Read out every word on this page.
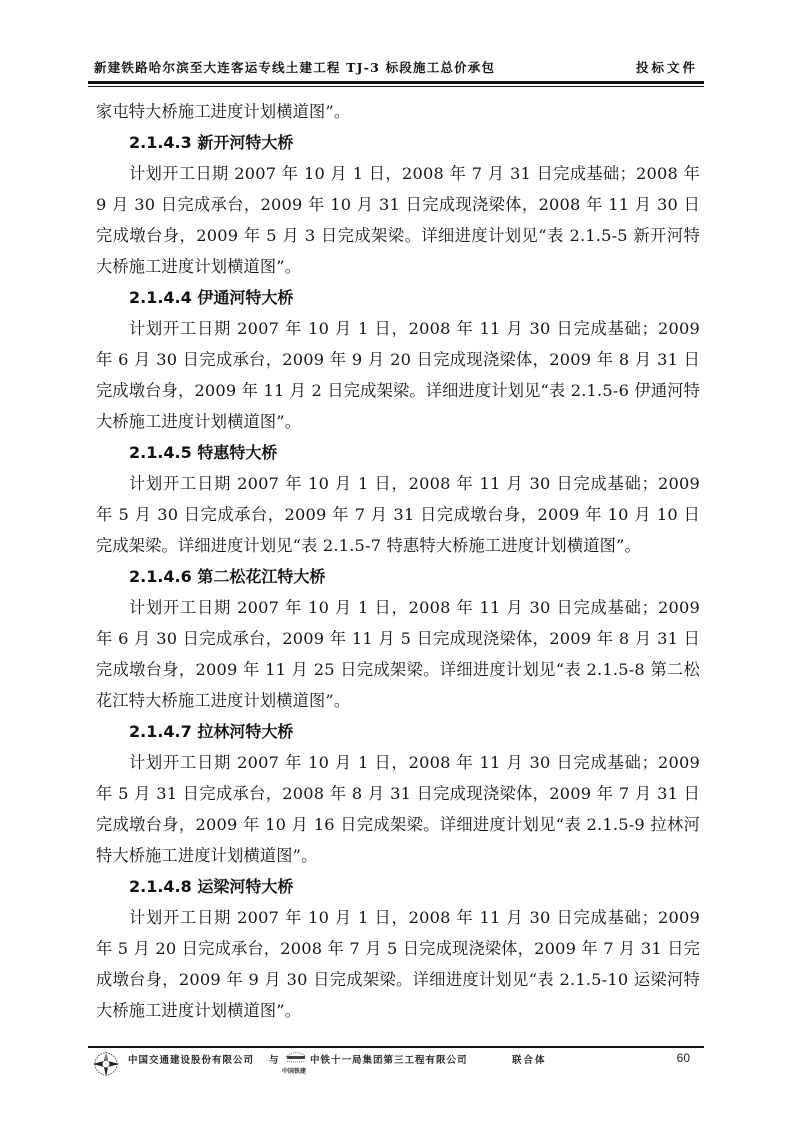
新建铁路哈尔滨至大连客运专线土建工程 TJ-3 标段施工总价承包	投标文件

家屯特大桥施工进度计划横道图”。

2.1.4.3 新开河特大桥

计划开工日期 2007 年 10 月 1 日，2008 年 7 月 31 日完成基础；2008 年 9 月 30 日完成承台，2009 年 10 月 31 日完成现浇梁体，2008 年 11 月 30 日完成墩台身，2009 年 5 月 3 日完成架梁。详细进度计划见“表 2.1.5-5 新开河特大桥施工进度计划横道图”。

2.1.4.4 伊通河特大桥

计划开工日期 2007 年 10 月 1 日，2008 年 11 月 30 日完成基础；2009 年 6 月 30 日完成承台，2009 年 9 月 20 日完成现浇梁体，2009 年 8 月 31 日完成墩台身，2009 年 11 月 2 日完成架梁。详细进度计划见“表 2.1.5-6 伊通河特大桥施工进度计划横道图”。

2.1.4.5 特惠特大桥

计划开工日期 2007 年 10 月 1 日，2008 年 11 月 30 日完成基础；2009 年 5 月 30 日完成承台，2009 年 7 月 31 日完成墩台身，2009 年 10 月 10 日完成架梁。详细进度计划见“表 2.1.5-7 特惠特大桥施工进度计划横道图”。

2.1.4.6 第二松花江特大桥

计划开工日期 2007 年 10 月 1 日，2008 年 11 月 30 日完成基础；2009 年 6 月 30 日完成承台，2009 年 11 月 5 日完成现浇梁体，2009 年 8 月 31 日完成墩台身，2009 年 11 月 25 日完成架梁。详细进度计划见“表 2.1.5-8 第二松花江特大桥施工进度计划横道图”。

2.1.4.7 拉林河特大桥

计划开工日期 2007 年 10 月 1 日，2008 年 11 月 30 日完成基础；2009 年 5 月 31 日完成承台，2008 年 8 月 31 日完成现浇梁体，2009 年 7 月 31 日完成墩台身，2009 年 10 月 16 日完成架梁。详细进度计划见“表 2.1.5-9 拉林河特大桥施工进度计划横道图”。

2.1.4.8 运梁河特大桥

计划开工日期 2007 年 10 月 1 日，2008 年 11 月 30 日完成基础；2009 年 5 月 20 日完成承台，2008 年 7 月 5 日完成现浇梁体，2009 年 7 月 31 日完成墩台身，2009 年 9 月 30 日完成架梁。详细进度计划见“表 2.1.5-10 运梁河特大桥施工进度计划横道图”。

中国交通建设股份有限公司 与
中国铁建
中铁十一局集团第三工程有限公司	联合体	60
